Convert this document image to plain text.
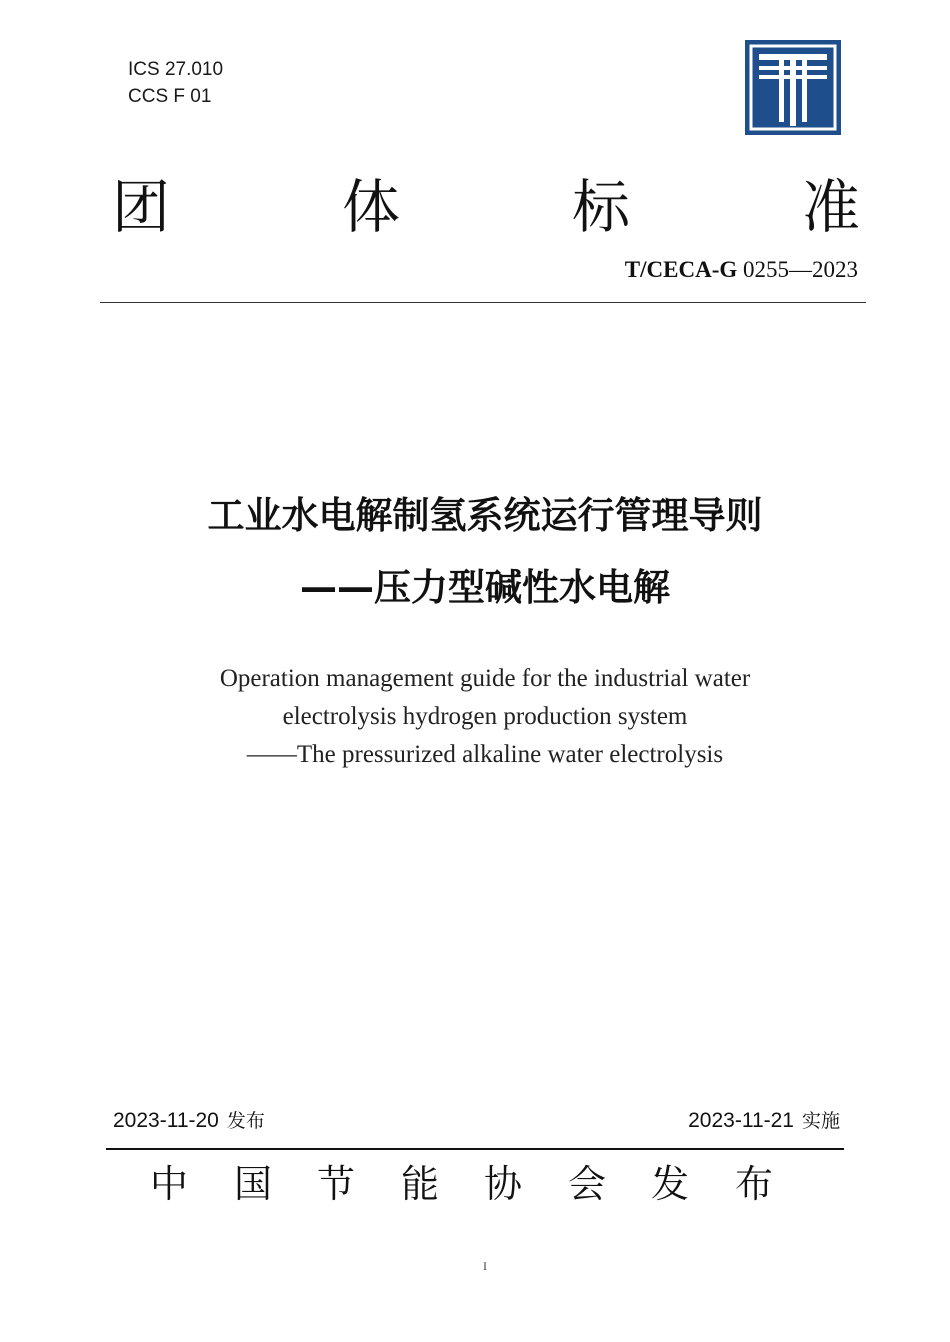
ICS 27.010
CCS F 01
团	体	标	准
T/CECA-G 0255—2023
工业水电解制氢系统运行管理导则
——压力型碱性水电解
Operation management guide for the industrial water
electrolysis hydrogen production system
——The pressurized alkaline water electrolysis
2023-11-20 发布	2023-11-21 实施
中 国 节 能 协 会 发 布
I
